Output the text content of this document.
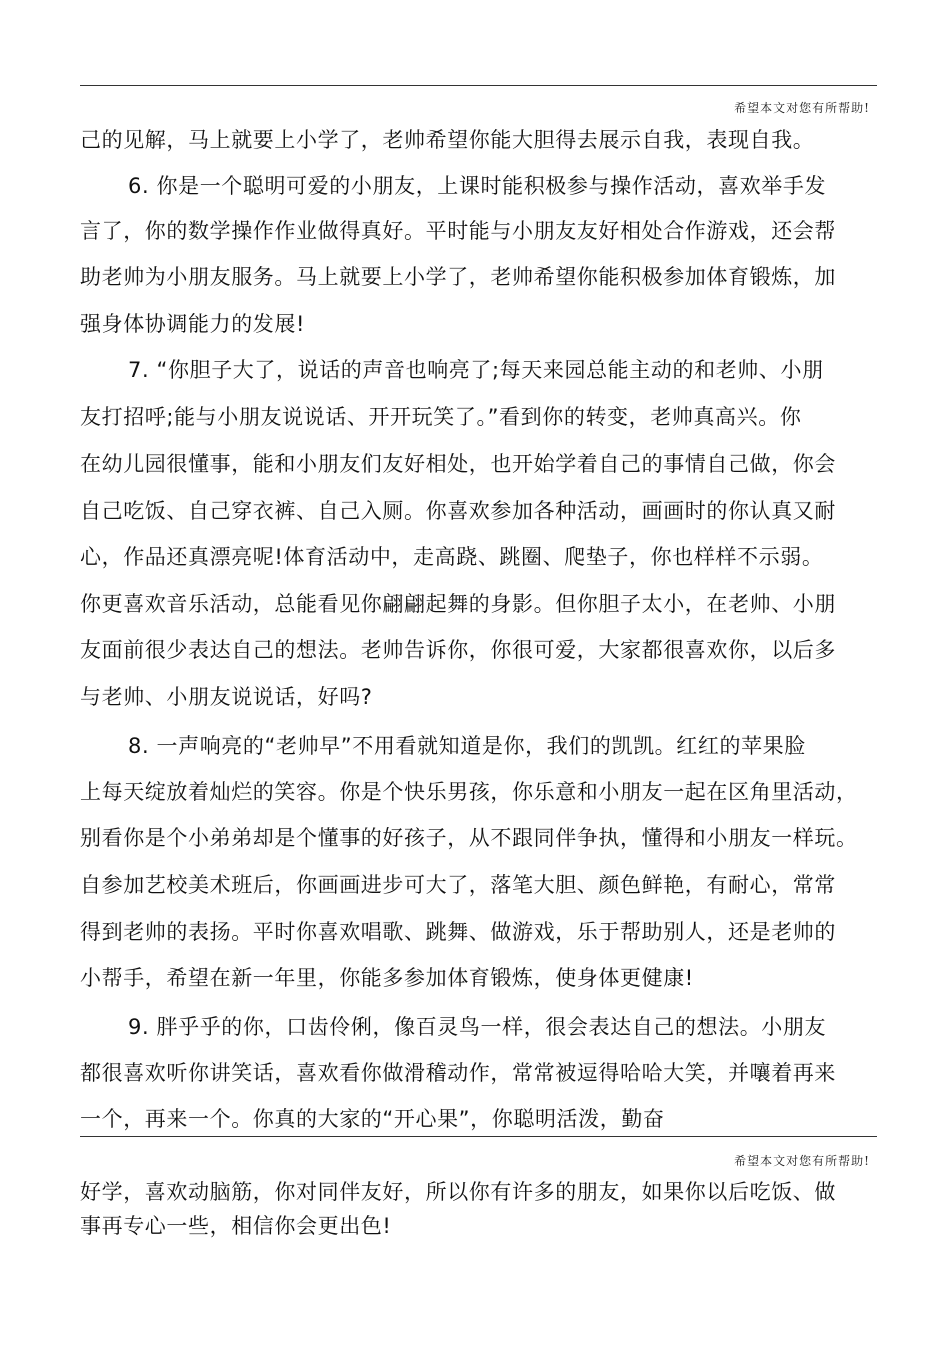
希望本文对您有所帮助!
己的见解，马上就要上小学了，老帅希望你能大胆得去展示自我，表现自我。
6. 你是一个聪明可爱的小朋友，上课时能积极参与操作活动，喜欢举手发
言了，你的数学操作作业做得真好。平时能与小朋友友好相处合作游戏，还会帮
助老帅为小朋友服务。马上就要上小学了，老帅希望你能积极参加体育锻炼，加
强身体协调能力的发展!
7. “你胆子大了，说话的声音也响亮了;每天来园总能主动的和老帅、小朋
友打招呼;能与小朋友说说话、开开玩笑了。”看到你的转变，老帅真高兴。你
在幼儿园很懂事，能和小朋友们友好相处，也开始学着自己的事情自己做，你会
自己吃饭、自己穿衣裤、自己入厕。你喜欢参加各种活动，画画时的你认真又耐
心，作品还真漂亮呢!体育活动中，走高跷、跳圈、爬垫子，你也样样不示弱。
你更喜欢音乐活动，总能看见你翩翩起舞的身影。但你胆子太小，在老帅、小朋
友面前很少表达自己的想法。老帅告诉你，你很可爱，大家都很喜欢你，以后多
与老帅、小朋友说说话，好吗?
8. 一声响亮的“老帅早”不用看就知道是你，我们的凯凯。红红的苹果脸
上每天绽放着灿烂的笑容。你是个快乐男孩，你乐意和小朋友一起在区角里活动，
别看你是个小弟弟却是个懂事的好孩子，从不跟同伴争执，懂得和小朋友一样玩。
自参加艺校美术班后，你画画进步可大了，落笔大胆、颜色鲜艳，有耐心，常常
得到老帅的表扬。平时你喜欢唱歌、跳舞、做游戏，乐于帮助别人，还是老帅的
小帮手，希望在新一年里，你能多参加体育锻炼，使身体更健康!
9. 胖乎乎的你，口齿伶俐，像百灵鸟一样，很会表达自己的想法。小朋友
都很喜欢听你讲笑话，喜欢看你做滑稽动作，常常被逗得哈哈大笑，并嚷着再来
一个，再来一个。你真的大家的“开心果”，你聪明活泼，勤奋
希望本文对您有所帮助!
好学，喜欢动脑筋，你对同伴友好，所以你有许多的朋友，如果你以后吃饭、做
事再专心一些，相信你会更出色!
